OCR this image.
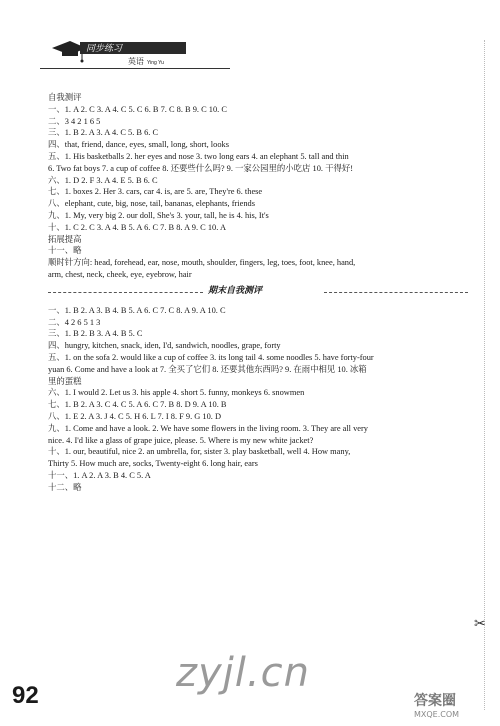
同步练习
英语 Ying Yu
自我测评
一、1. A 2. C 3. A 4. C 5. C 6. B 7. C 8. B 9. C 10. C
二、3 4 2 1 6 5
三、1. B 2. A 3. A 4. C 5. B 6. C
四、that, friend, dance, eyes, small, long, short, looks
五、1. His basketballs 2. her eyes and nose 3. two long ears 4. an elephant 5. tall and thin
6. Two fat boys 7. a cup of coffee 8. 还要些什么吗? 9. 一家公园里的小吃店 10. 干得好!
六、1. D 2. F 3. A 4. E 5. B 6. C
七、1. boxes 2. Her 3. cars, car 4. is, are 5. are, They're 6. these
八、elephant, cute, big, nose, tail, bananas, elephants, friends
九、1. My, very big 2. our doll, She's 3. your, tall, he is 4. his, It's
十、1. C 2. C 3. A 4. B 5. A 6. C 7. B 8. A 9. C 10. A
拓展提高
十一、略
顺时针方向: head, forehead, ear, nose, mouth, shoulder, fingers, leg, toes, foot, knee, hand,
arm, chest, neck, cheek, eye, eyebrow, hair
期末自我测评
一、1. B 2. A 3. B 4. B 5. A 6. C 7. C 8. A 9. A 10. C
二、4 2 6 5 1 3
三、1. B 2. B 3. A 4. B 5. C
四、hungry, kitchen, snack, iden, I'd, sandwich, noodles, grape, forty
五、1. on the sofa 2. would like a cup of coffee 3. its long tail 4. some noodles 5. have forty-four
yuan 6. Come and have a look at 7. 全买了它们 8. 还要其他东西吗? 9. 在雨中相见 10. 冰箱
里的蛋糕
六、1. I would 2. Let us 3. his apple 4. short 5. funny, monkeys 6. snowmen
七、1. B 2. A 3. C 4. C 5. A 6. C 7. B 8. D 9. A 10. B
八、1. E 2. A 3. J 4. C 5. H 6. L 7. I 8. F 9. G 10. D
九、1. Come and have a look. 2. We have some flowers in the living room. 3. They are all very
nice. 4. I'd like a glass of grape juice, please. 5. Where is my new white jacket?
十、1. our, beautiful, nice 2. an umbrella, for, sister 3. play basketball, well 4. How many,
Thirty 5. How much are, socks, Twenty-eight 6. long hair, ears
十一、1. A 2. A 3. B 4. C 5. A
十二、略
✂
zyjl.cn
92	答案圈
MXQE.COM
